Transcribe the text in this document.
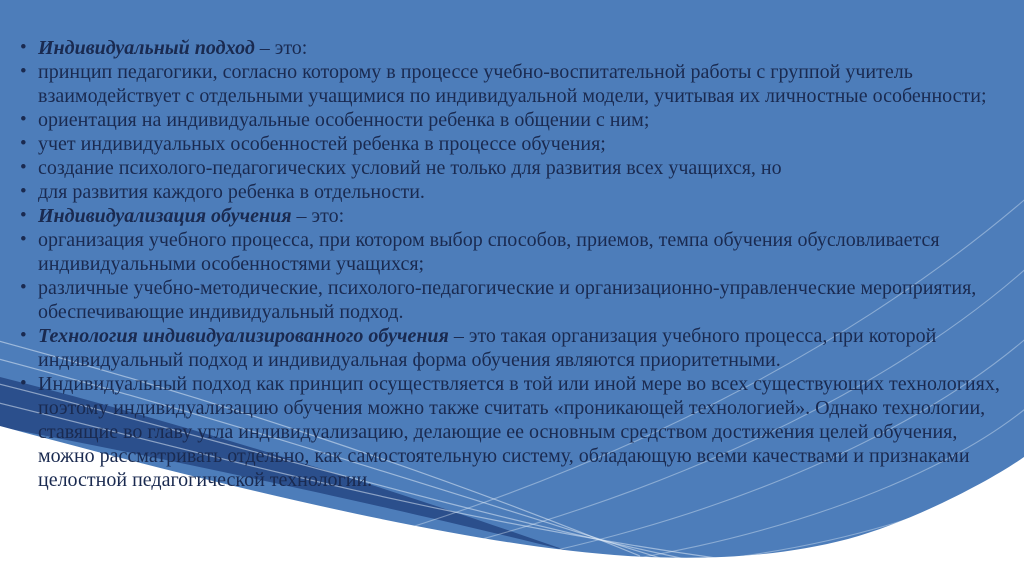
• Индивидуальный подход – это:
• принцип педагогики, согласно которому в процессе учебно-воспитательной работы с группой учитель взаимодействует с отдельными учащимися по индивидуальной модели, учитывая их личностные особенности;
• ориентация на индивидуальные особенности ребенка в общении с ним;
• учет индивидуальных особенностей ребенка в процессе обучения;
• создание психолого-педагогических условий не только для развития всех учащихся, но
• для развития каждого ребенка в отдельности.
• Индивидуализация обучения – это:
• организация учебного процесса, при котором выбор способов, приемов, темпа обучения обусловливается индивидуальными особенностями учащихся;
• различные учебно-методические, психолого-педагогические и организационно-управленческие мероприятия, обеспечивающие индивидуальный подход.
• Технология индивидуализированного обучения – это такая организация учебного процесса, при которой индивидуальный подход и индивидуальная форма обучения являются приоритетными.
• Индивидуальный подход как принцип осуществляется в той или иной мере во всех существующих технологиях, поэтому индивидуализацию обучения можно также считать «проникающей технологией». Однако технологии, ставящие во главу угла индивидуализацию, делающие ее основным средством достижения целей обучения, можно рассматривать отдельно, как самостоятельную систему, обладающую всеми качествами и признаками целостной педагогической технологии.
